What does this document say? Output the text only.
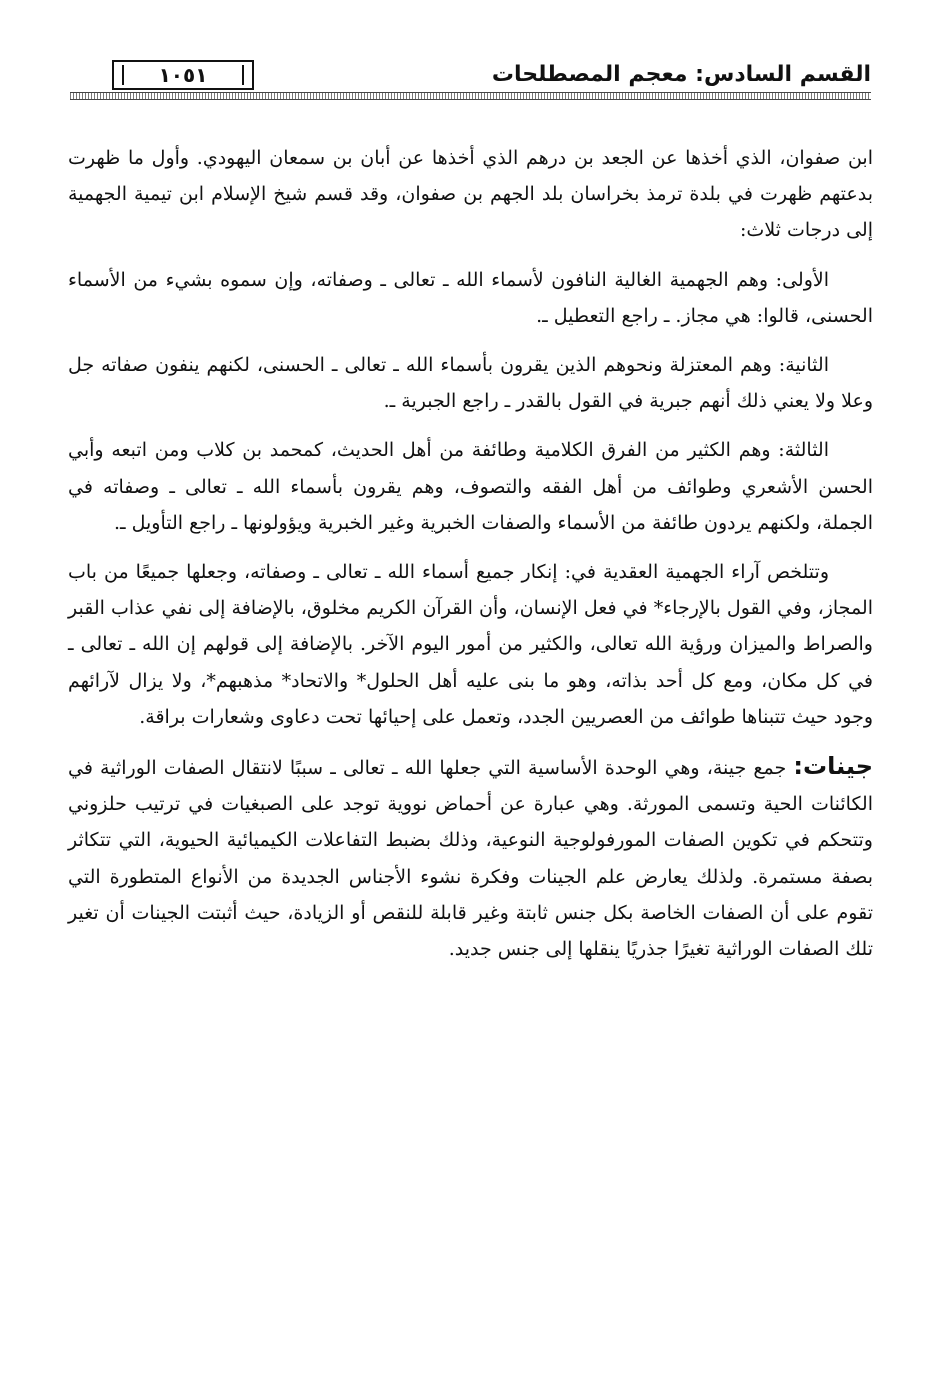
القسم السادس: معجم المصطلحات
١٠٥١

ابن صفوان، الذي أخذها عن الجعد بن درهم الذي أخذها عن أبان بن سمعان اليهودي. وأول ما ظهرت بدعتهم ظهرت في بلدة ترمذ بخراسان بلد الجهم بن صفوان، وقد قسم شيخ الإسلام ابن تيمية الجهمية إلى درجات ثلاث:

الأولى: وهم الجهمية الغالية النافون لأسماء الله ـ تعالى ـ وصفاته، وإن سموه بشيء من الأسماء الحسنى، قالوا: هي مجاز. ـ راجع التعطيل ـ.

الثانية: وهم المعتزلة ونحوهم الذين يقرون بأسماء الله ـ تعالى ـ الحسنى، لكنهم ينفون صفاته جل وعلا ولا يعني ذلك أنهم جبرية في القول بالقدر ـ راجع الجبرية ـ.

الثالثة: وهم الكثير من الفرق الكلامية وطائفة من أهل الحديث، كمحمد بن كلاب ومن اتبعه وأبي الحسن الأشعري وطوائف من أهل الفقه والتصوف، وهم يقرون بأسماء الله ـ تعالى ـ وصفاته في الجملة، ولكنهم يردون طائفة من الأسماء والصفات الخبرية وغير الخبرية ويؤولونها ـ راجع التأويل ـ.

وتتلخص آراء الجهمية العقدية في: إنكار جميع أسماء الله ـ تعالى ـ وصفاته، وجعلها جميعًا من باب المجاز، وفي القول بالإرجاء* في فعل الإنسان، وأن القرآن الكريم مخلوق، بالإضافة إلى نفي عذاب القبر والصراط والميزان ورؤية الله تعالى، والكثير من أمور اليوم الآخر. بالإضافة إلى قولهم إن الله ـ تعالى ـ في كل مكان، ومع كل أحد بذاته، وهو ما بنى عليه أهل الحلول* والاتحاد* مذهبهم*، ولا يزال لآرائهم وجود حيث تتبناها طوائف من العصريين الجدد، وتعمل على إحيائها تحت دعاوى وشعارات براقة.

جينات: جمع جينة، وهي الوحدة الأساسية التي جعلها الله ـ تعالى ـ سببًا لانتقال الصفات الوراثية في الكائنات الحية وتسمى المورثة. وهي عبارة عن أحماض نووية توجد على الصبغيات في ترتيب حلزوني وتتحكم في تكوين الصفات المورفولوجية النوعية، وذلك بضبط التفاعلات الكيميائية الحيوية، التي تتكاثر بصفة مستمرة. ولذلك يعارض علم الجينات وفكرة نشوء الأجناس الجديدة من الأنواع المتطورة التي تقوم على أن الصفات الخاصة بكل جنس ثابتة وغير قابلة للنقص أو الزيادة، حيث أثبتت الجينات أن تغير تلك الصفات الوراثية تغيرًا جذريًا ينقلها إلى جنس جديد.
